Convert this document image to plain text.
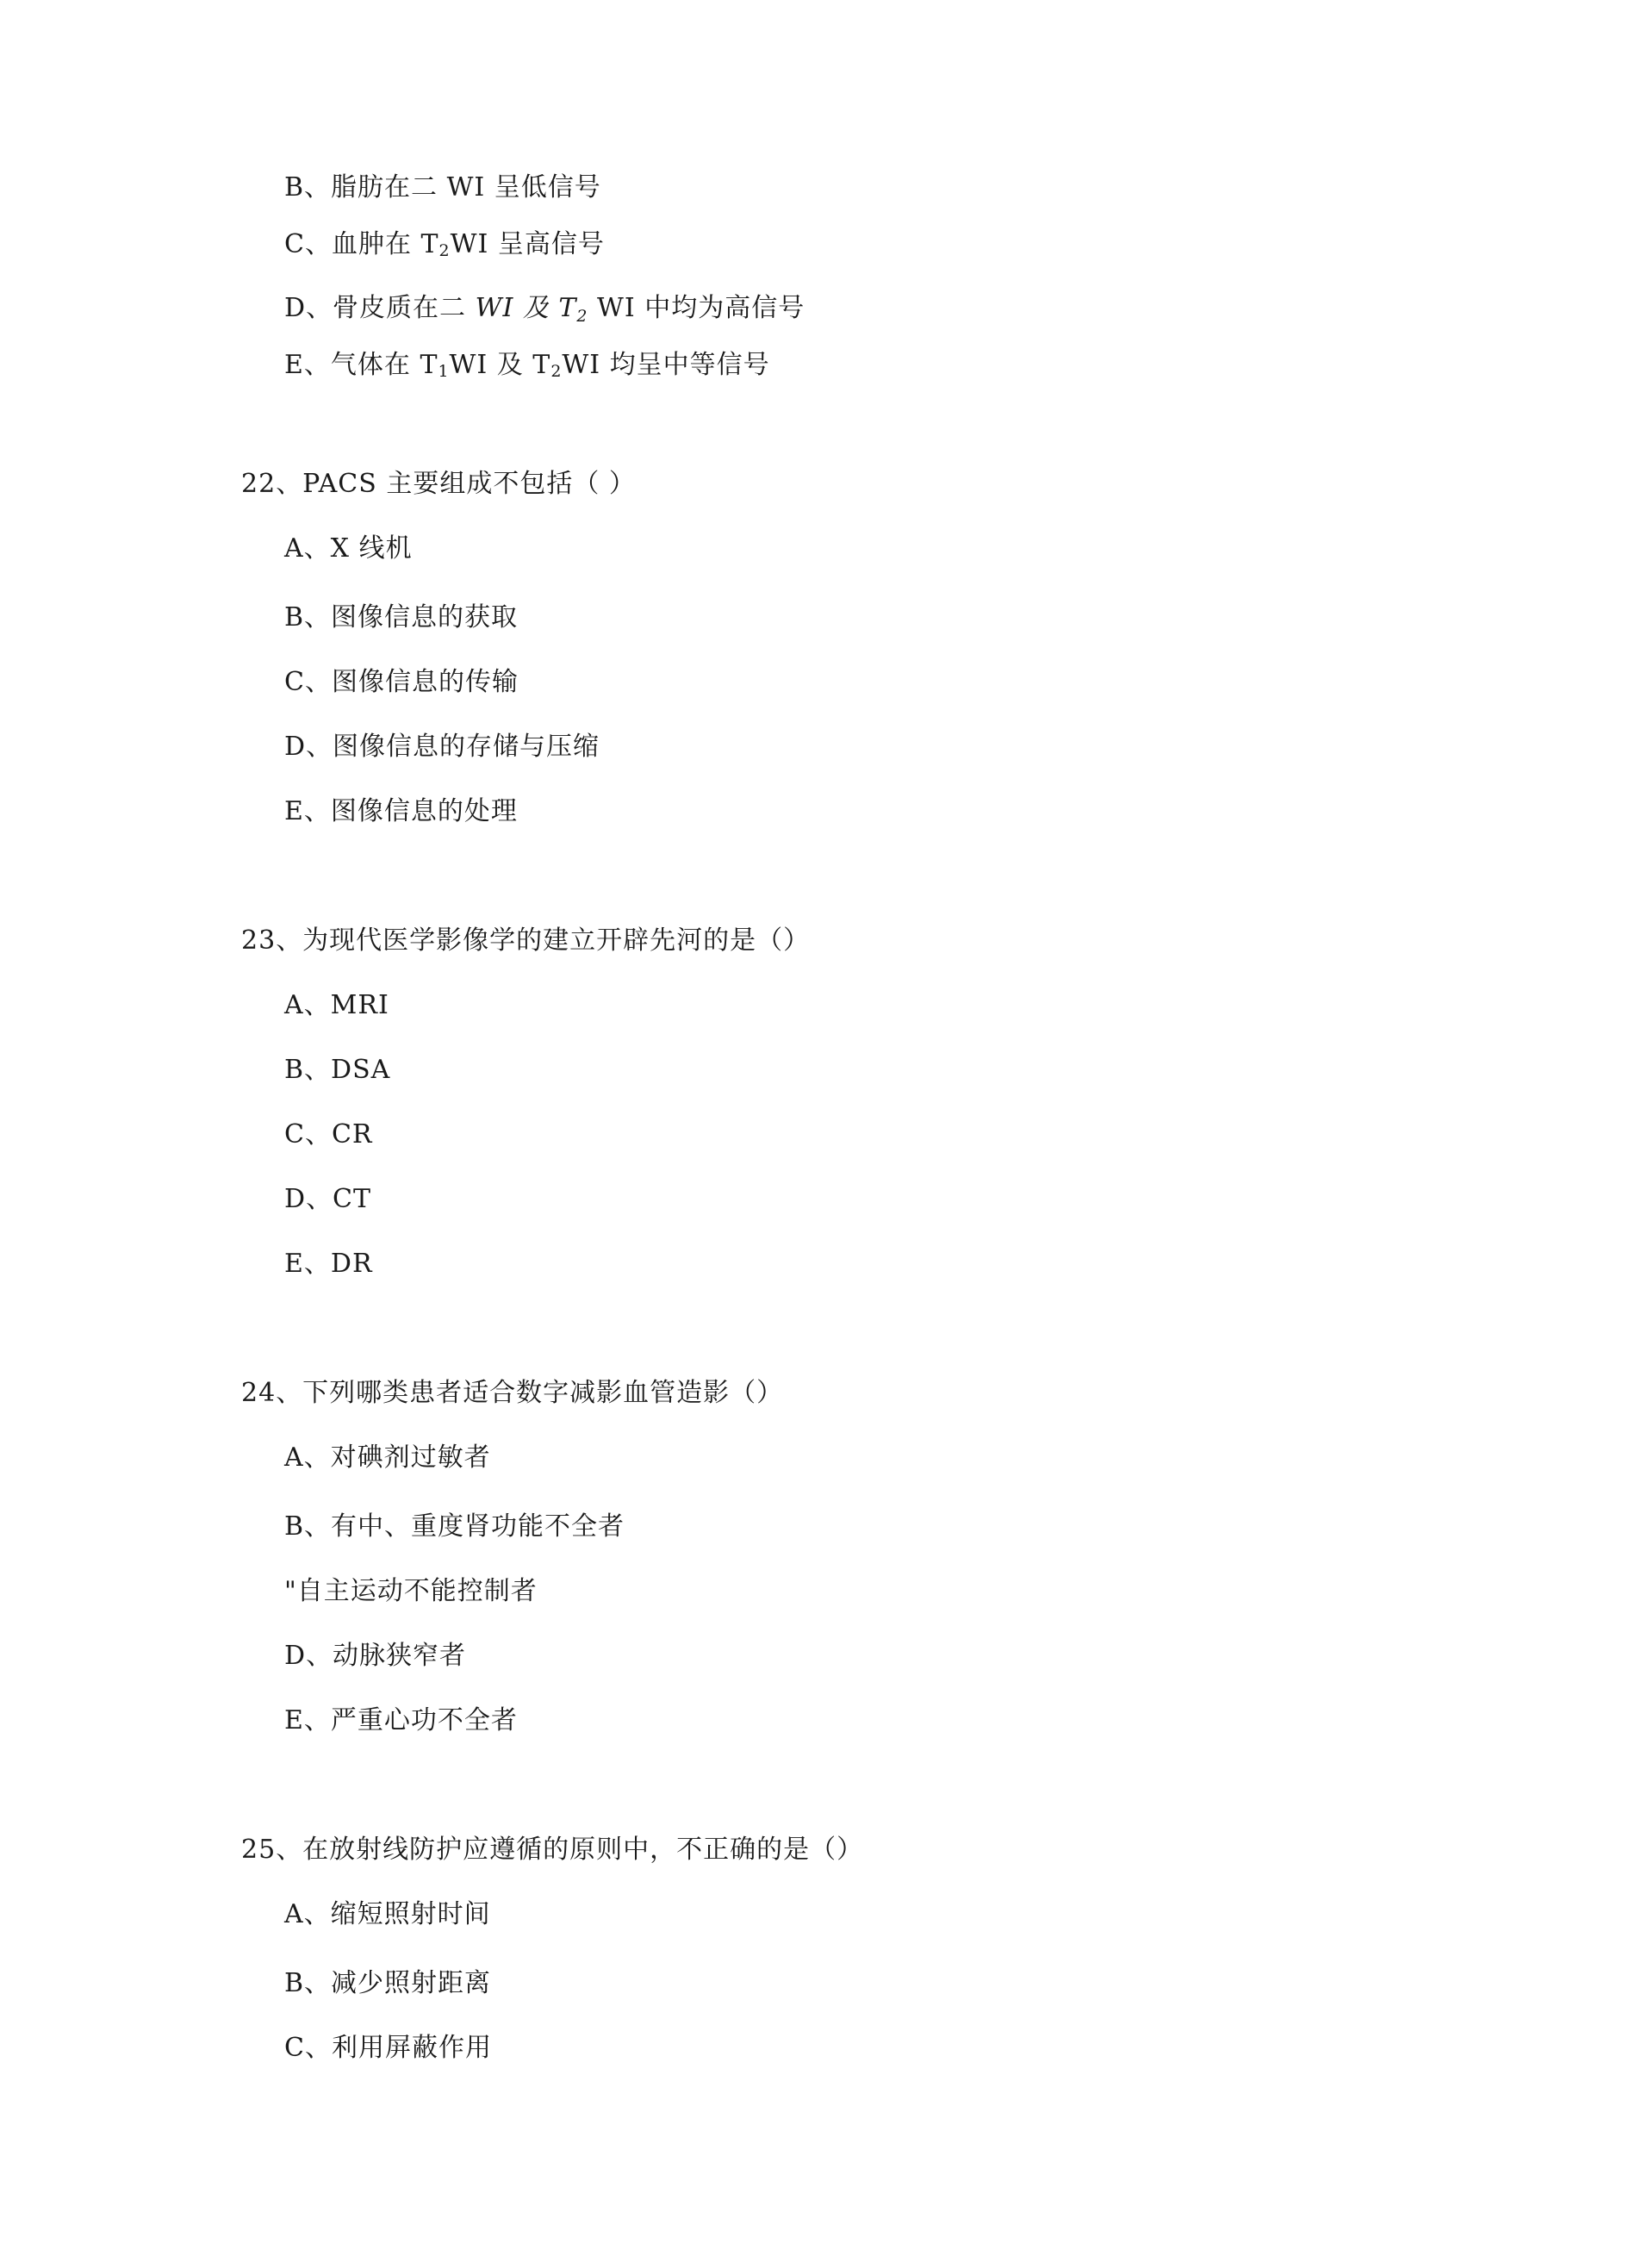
B、脂肪在二 WI 呈低信号
C、血肿在 $T_2WI$ 呈高信号
D、骨皮质在二 WI 及 $T_2$ WI 中均为高信号
E、气体在 $T_1WI$ 及 $T_2WI$ 均呈中等信号
22、PACS 主要组成不包括（ ）
A、X 线机
B、图像信息的获取
C、图像信息的传输
D、图像信息的存储与压缩
E、图像信息的处理
23、为现代医学影像学的建立开辟先河的是（）
A、MRI
B、DSA
C、CR
D、CT
E、DR
24、下列哪类患者适合数字减影血管造影（）
A、对碘剂过敏者
B、有中、重度肾功能不全者
"自主运动不能控制者
D、动脉狭窄者
E、严重心功不全者
25、在放射线防护应遵循的原则中，不正确的是（）
A、缩短照射时间
B、减少照射距离
C、利用屏蔽作用
